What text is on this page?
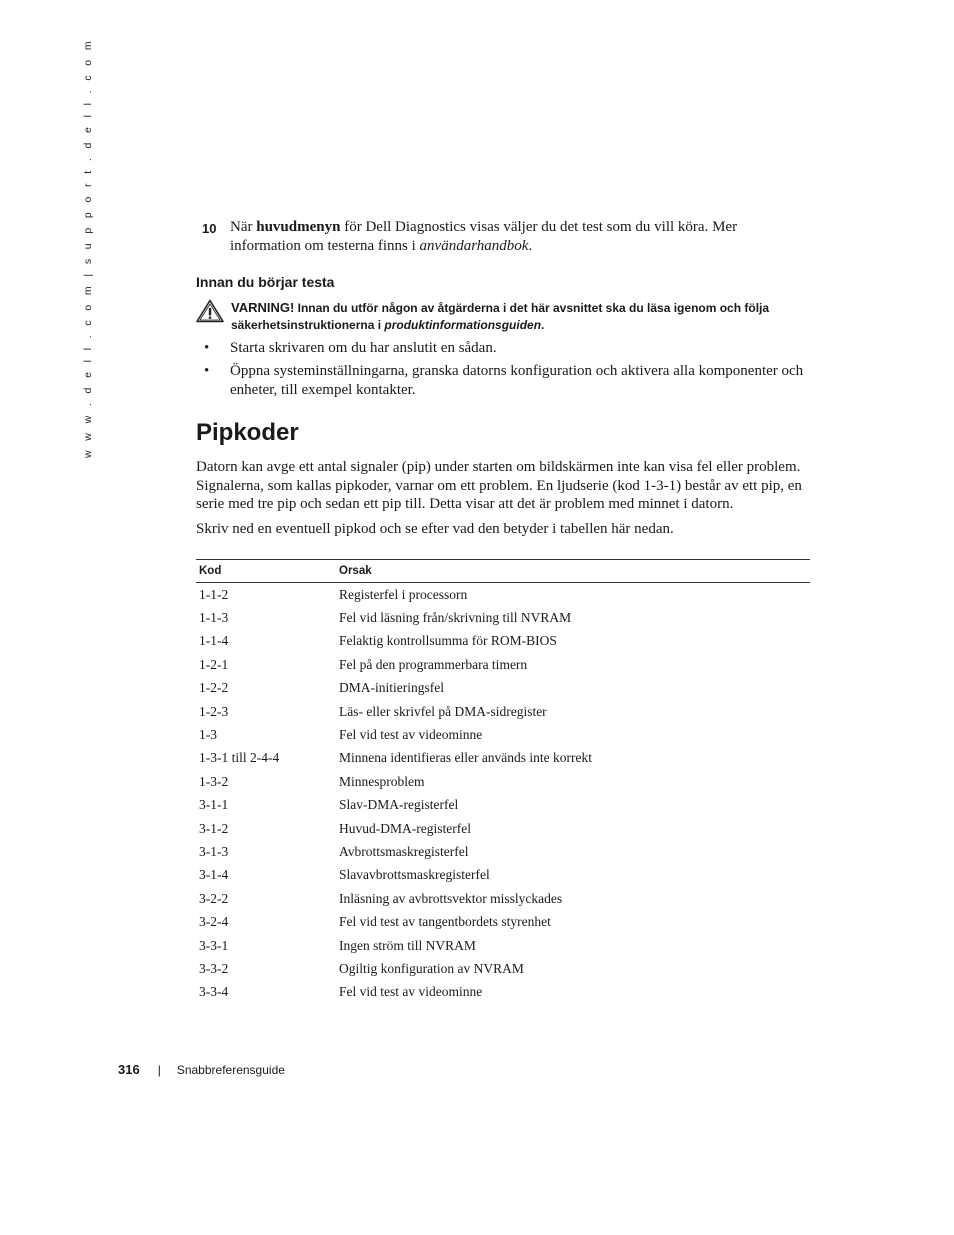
w w w . d e l l . c o m | s u p p o r t . d e l l . c o m	10 När huvudmenyn för Dell Diagnostics visas väljer du det test som du vill köra. Mer information om testerna finns i användarhandbok.
Innan du börjar testa
VARNING! Innan du utför någon av åtgärderna i det här avsnittet ska du läsa igenom och följa säkerhetsinstruktionerna i produktinformationsguiden.
• Starta skrivaren om du har anslutit en sådan.
• Öppna systeminställningarna, granska datorns konfiguration och aktivera alla komponenter och enheter, till exempel kontakter.
Pipkoder

Datorn kan avge ett antal signaler (pip) under starten om bildskärmen inte kan visa fel eller problem. Signalerna, som kallas pipkoder, varnar om ett problem. En ljudserie (kod 1-3-1) består av ett pip, en serie med tre pip och sedan ett pip till. Detta visar att det är problem med minnet i datorn.

Skriv ned en eventuell pipkod och se efter vad den betyder i tabellen här nedan.

Kod	Orsak
1-1-2	Registerfel i processorn
1-1-3	Fel vid läsning från/skrivning till NVRAM
1-1-4	Felaktig kontrollsumma för ROM-BIOS
1-2-1	Fel på den programmerbara timern
1-2-2	DMA-initieringsfel
1-2-3	Läs- eller skrivfel på DMA-sidregister
1-3	Fel vid test av videominne
1-3-1 till 2-4-4	Minnena identifieras eller används inte korrekt
1-3-2	Minnesproblem
3-1-1	Slav-DMA-registerfel
3-1-2	Huvud-DMA-registerfel
3-1-3	Avbrottsmaskregisterfel
3-1-4	Slavavbrottsmaskregisterfel
3-2-2	Inläsning av avbrottsvektor misslyckades
3-2-4	Fel vid test av tangentbordets styrenhet
3-3-1	Ingen ström till NVRAM
3-3-2	Ogiltig konfiguration av NVRAM
3-3-4	Fel vid test av videominne
316 | Snabbreferensguide
